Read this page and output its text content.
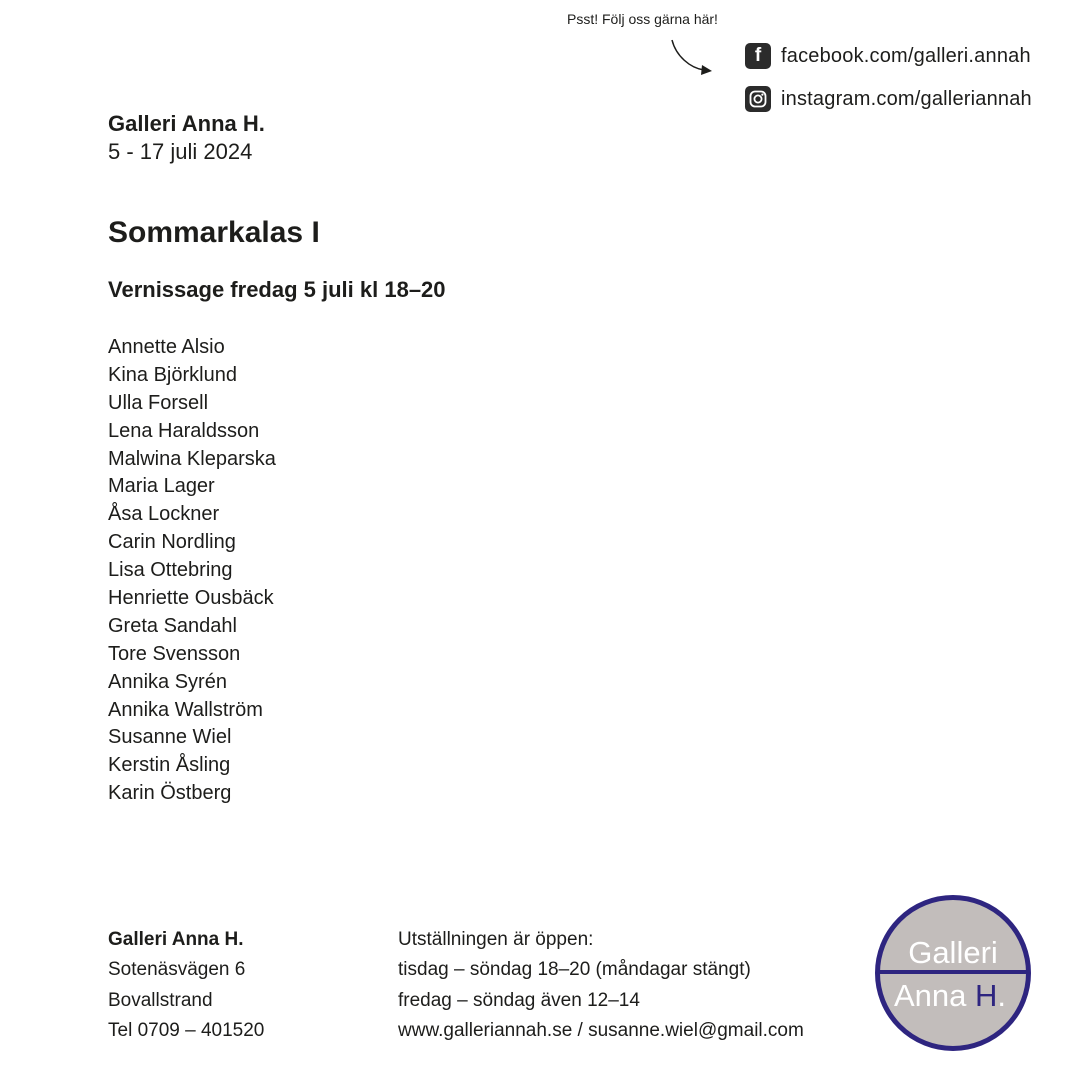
Psst! Följ oss gärna här!
f facebook.com/galleri.annah
instagram.com/galleriannah
Galleri Anna H.
5 - 17 juli 2024
Sommarkalas I
Vernissage fredag 5 juli kl 18–20
Annette Alsio
Kina Björklund
Ulla Forsell
Lena Haraldsson
Malwina Kleparska
Maria Lager
Åsa Lockner
Carin Nordling
Lisa Ottebring
Henriette Ousbäck
Greta Sandahl
Tore Svensson
Annika Syrén
Annika Wallström
Susanne Wiel
Kerstin Åsling
Karin Östberg
Galleri Anna H.
Sotenäsvägen 6
Bovallstrand
Tel 0709 – 401520
Utställningen är öppen:
tisdag – söndag 18–20 (måndagar stängt)
fredag – söndag även 12–14
www.galleriannah.se / susanne.wiel@gmail.com
Galleri
Anna H.
